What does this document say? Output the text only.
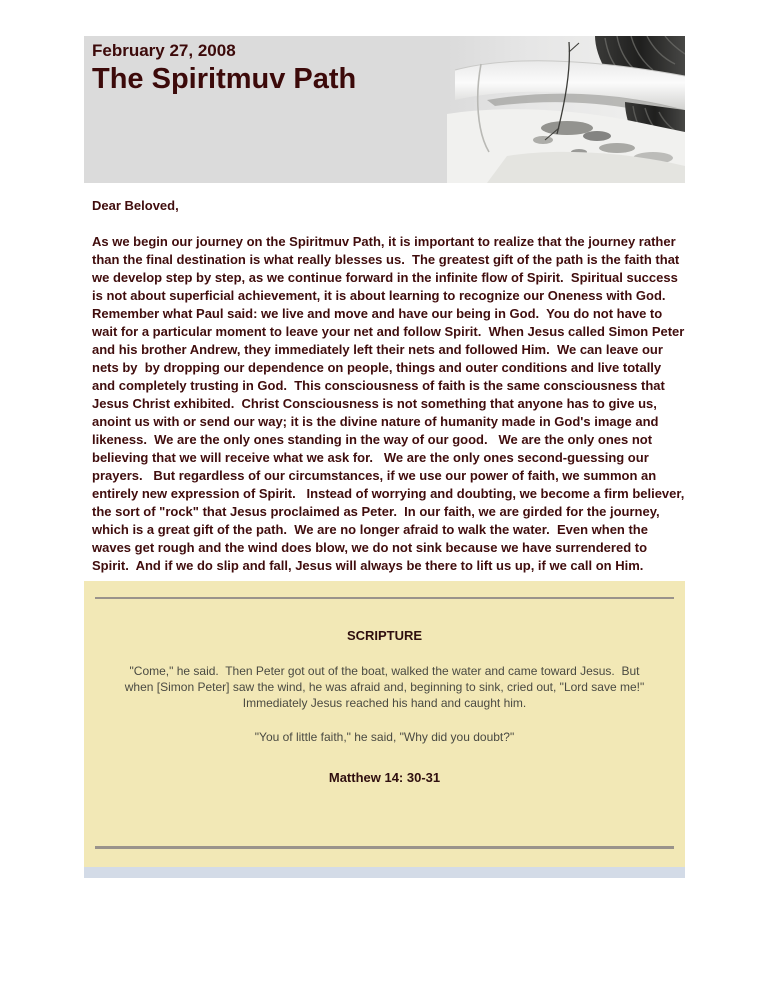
February 27, 2008
The Spiritmuv Path

Dear Beloved,

As we begin our journey on the Spiritmuv Path, it is important to realize that the journey rather than the final destination is what really blesses us.  The greatest gift of the path is the faith that we develop step by step, as we continue forward in the infinite flow of Spirit.  Spiritual success is not about superficial achievement, it is about learning to recognize our Oneness with God.  Remember what Paul said: we live and move and have our being in God.  You do not have to wait for a particular moment to leave your net and follow Spirit.  When Jesus called Simon Peter and his brother Andrew, they immediately left their nets and followed Him.  We can leave our nets by  by dropping our dependence on people, things and outer conditions and live totally and completely trusting in God.  This consciousness of faith is the same consciousness that Jesus Christ exhibited.  Christ Consciousness is not something that anyone has to give us, anoint us with or send our way; it is the divine nature of humanity made in God's image and likeness.  We are the only ones standing in the way of our good.   We are the only ones not believing that we will receive what we ask for.   We are the only ones second-guessing our prayers.   But regardless of our circumstances, if we use our power of faith, we summon an entirely new expression of Spirit.   Instead of worrying and doubting, we become a firm believer, the sort of "rock" that Jesus proclaimed as Peter.  In our faith, we are girded for the journey, which is a great gift of the path.  We are no longer afraid to walk the water.  Even when the waves get rough and the wind does blow, we do not sink because we have surrendered to Spirit.  And if we do slip and fall, Jesus will always be there to lift us up, if we call on Him.

SCRIPTURE
"Come," he said.  Then Peter got out of the boat, walked the water and came toward Jesus.  But when [Simon Peter] saw the wind, he was afraid and, beginning to sink, cried out, "Lord save me!"   Immediately Jesus reached his hand and caught him.
"You of little faith," he said, "Why did you doubt?"
Matthew 14: 30-31
